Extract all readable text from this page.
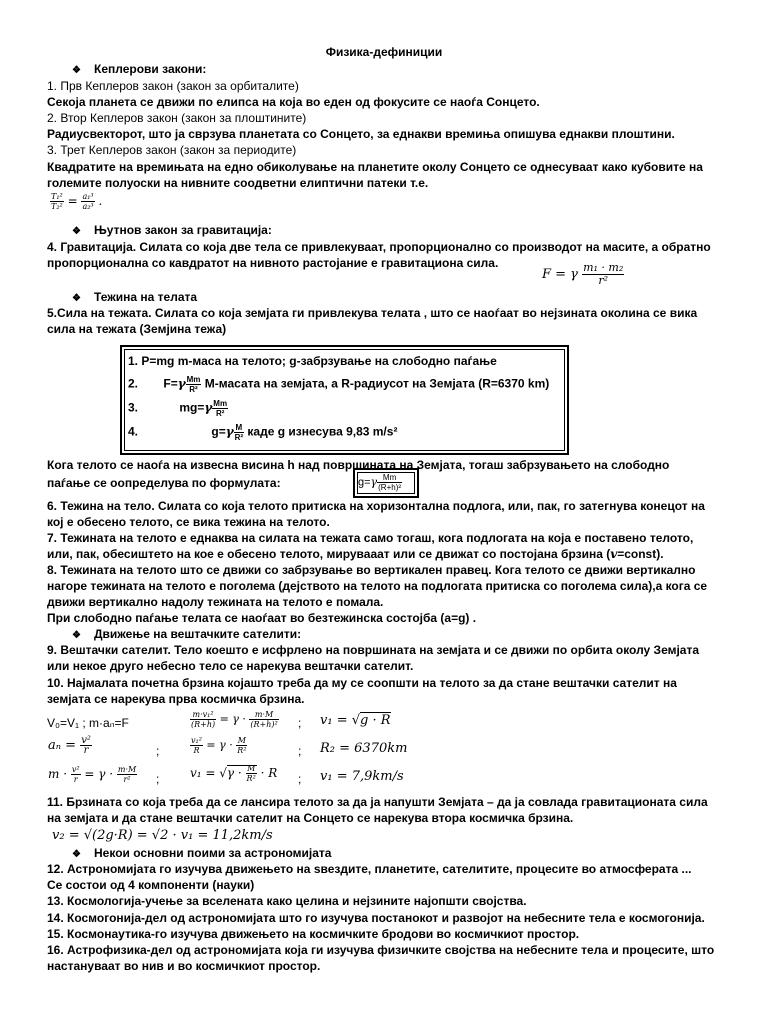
Физика-дефиниции
❖ Кеплерови закони:
1. Прв Кеплеров закон (закон за орбиталите)
Секоја планета се движи по елипса на која во еден од фокусите се наоѓа Сонцето.
2. Втор Кеплеров закон (закон за плоштините)
Радиусвекторот, што ја сврзува планетата со Сонцето, за еднакви времиња опишува еднакви плоштини.
3. Трет Кеплеров закон (закон за периодите)
Квадратите на времињата на едно обиколување на планетите околу Сонцето се однесуваат како кубовите на
големите полуоски на нивните соодветни елиптични патеки т.е.
$\frac{\text{T₁²}}{\text{T₂²}} = \frac{\text{a₁³}}{\text{a₂³}}$ .
❖ Њутнов закон за гравитација:
4. Гравитација. Силата со која две тела се привлекуваат, пропорционално со производот на масите, а обратно
пропорционална со кавдратот на нивното растојание е гравитациона сила.
F = γ $\frac{\text{m₁ · m₂}}{\text{r²}}$
❖ Тежина на телата
5.Сила на тежата. Силата со која земјата ги привлекува телата , што се наоѓаат во нејзината околина се вика
сила на тежата (Земјина тежа)
1. P=mg m-маса на телото; g-забрзување на слободно паѓање
2. $F=\gamma \frac{Mm}{\text{R²}}$ M-масата на земјата, а R-радиусот на Земјата (R=6370 km)
3.	$mg=\gamma \frac{Mm}{\text{R²}}$
4.	$g=\gamma \frac{M}{\text{R²}}$ каде g изнесува 9,83 m/s²
Кога телото се наоѓа на извесна висина h над површината на Земјата, тогаш забрзувањето на слободно
паѓање се оопределува по формулата:	$g=\gamma \frac{Mm}{\text{(R+h)²}}$
6. Тежина на тело. Силата со која телото притиска на хоризонтална подлога, или, пак, го затегнува конецот на
кој е обесено телото, се вика тежина на телото.
7. Тежината на телото е еднаква на силата на тежата само тогаш, кога подлогата на која е поставено телото,
или, пак, обесиштето на кое е обесено телото, мирувааат или се движат со постојана брзина (v=const).
8. Тежината на телото што се движи со забрзување во вертикален правец. Кога телото се движи вертикално
нагоре тежината на телото е поголема (дејството на телото на подлогата притиска со поголема сила),а кога се
движи вертикално надолу тежината на телото е помала.
При слободно паѓање телата се наоѓаат во безтежинска состојба (a=g) .
❖ Движење на вештачките сателити:
9. Вештачки сателит. Тело коешто е исфрлено на површината на земјата и се движи по орбита околу Земјата
или некое друго небесно тело се нарекува вештачки сателит.
10. Најмалата почетна брзина којашто треба да му се соопшти на телото за да стане вештачки сателит на
земјата се нарекува прва космичка брзина.
V₀=V₁ ; m·aₙ=F	$\frac{\text{m·v₁²}}{(R+h)} = \gamma \cdot \frac{m\cdot M}{\text{(R+h)²}}$ ; v₁ = √g · R
$a_n = \frac{\text{v²}}{r}$	;	$\frac{\text{v₁²}}{R} = \gamma \cdot \frac{M}{\text{R²}}$	; R₂ = 6370km
$m \cdot \frac{\text{v²}}{r} = \gamma \cdot \frac{m\cdot M}{\text{r²}}$ ;	$v_1 = √\gamma \cdot \frac{M}{\text{R²}} \cdot R$ ; v₁ = 7,9km/s
11. Брзината со која треба да се лансира телото за да ја напушти Земјата – да ја совлада гравитационата сила
на земјата и да стане вештачки сателит на Сонцето се нарекува втора космичка брзина.
v₂ = √(2g·R) = √2 · v₁ = 11,2km/s
❖ Некои основни поими за астрономијата
12. Астрономијата го изучува движењето на ѕвездите, планетите, сателитите, процесите во атмосферата ...
Се состои од 4 компоненти (науки)
13. Космологија-учење за вселената како целина и нејзините најопшти својства.
14. Космогонија-дел од астрономијата што го изучува постанокот и развојот на небесните тела е космогонија.
15. Космонаутика-го изучува движењето на космичките бродови во космичкиот простор.
16. Астрофизика-дел од астрономијата која ги изучува физичките својства на небесните тела и процесите, што
настануваат во нив и во космичкиот простор.
